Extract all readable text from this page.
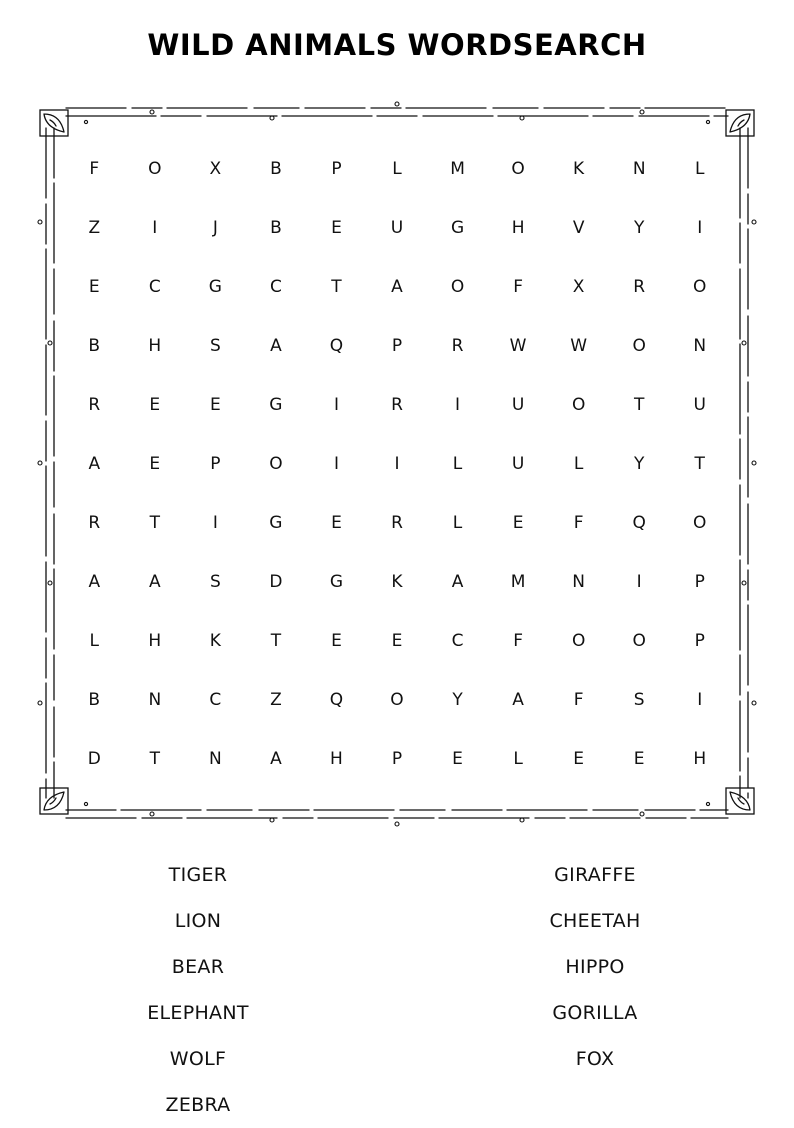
WILD ANIMALS WORDSEARCH
F	O	X	B	P	L	M	O	K	N	L
Z	I	J	B	E	U	G	H	V	Y	I
E	C	G	C	T	A	O	F	X	R	O
B	H	S	A	Q	P	R	W	W	O	N
R	E	E	G	I	R	I	U	O	T	U
A	E	P	O	I	I	L	U	L	Y	T
R	T	I	G	E	R	L	E	F	Q	O
A	A	S	D	G	K	A	M	N	I	P
L	H	K	T	E	E	C	F	O	O	P
B	N	C	Z	Q	O	Y	A	F	S	I
D	T	N	A	H	P	E	L	E	E	H
TIGER
LION
BEAR
ELEPHANT
WOLF
ZEBRA
GIRAFFE
CHEETAH
HIPPO
GORILLA
FOX
